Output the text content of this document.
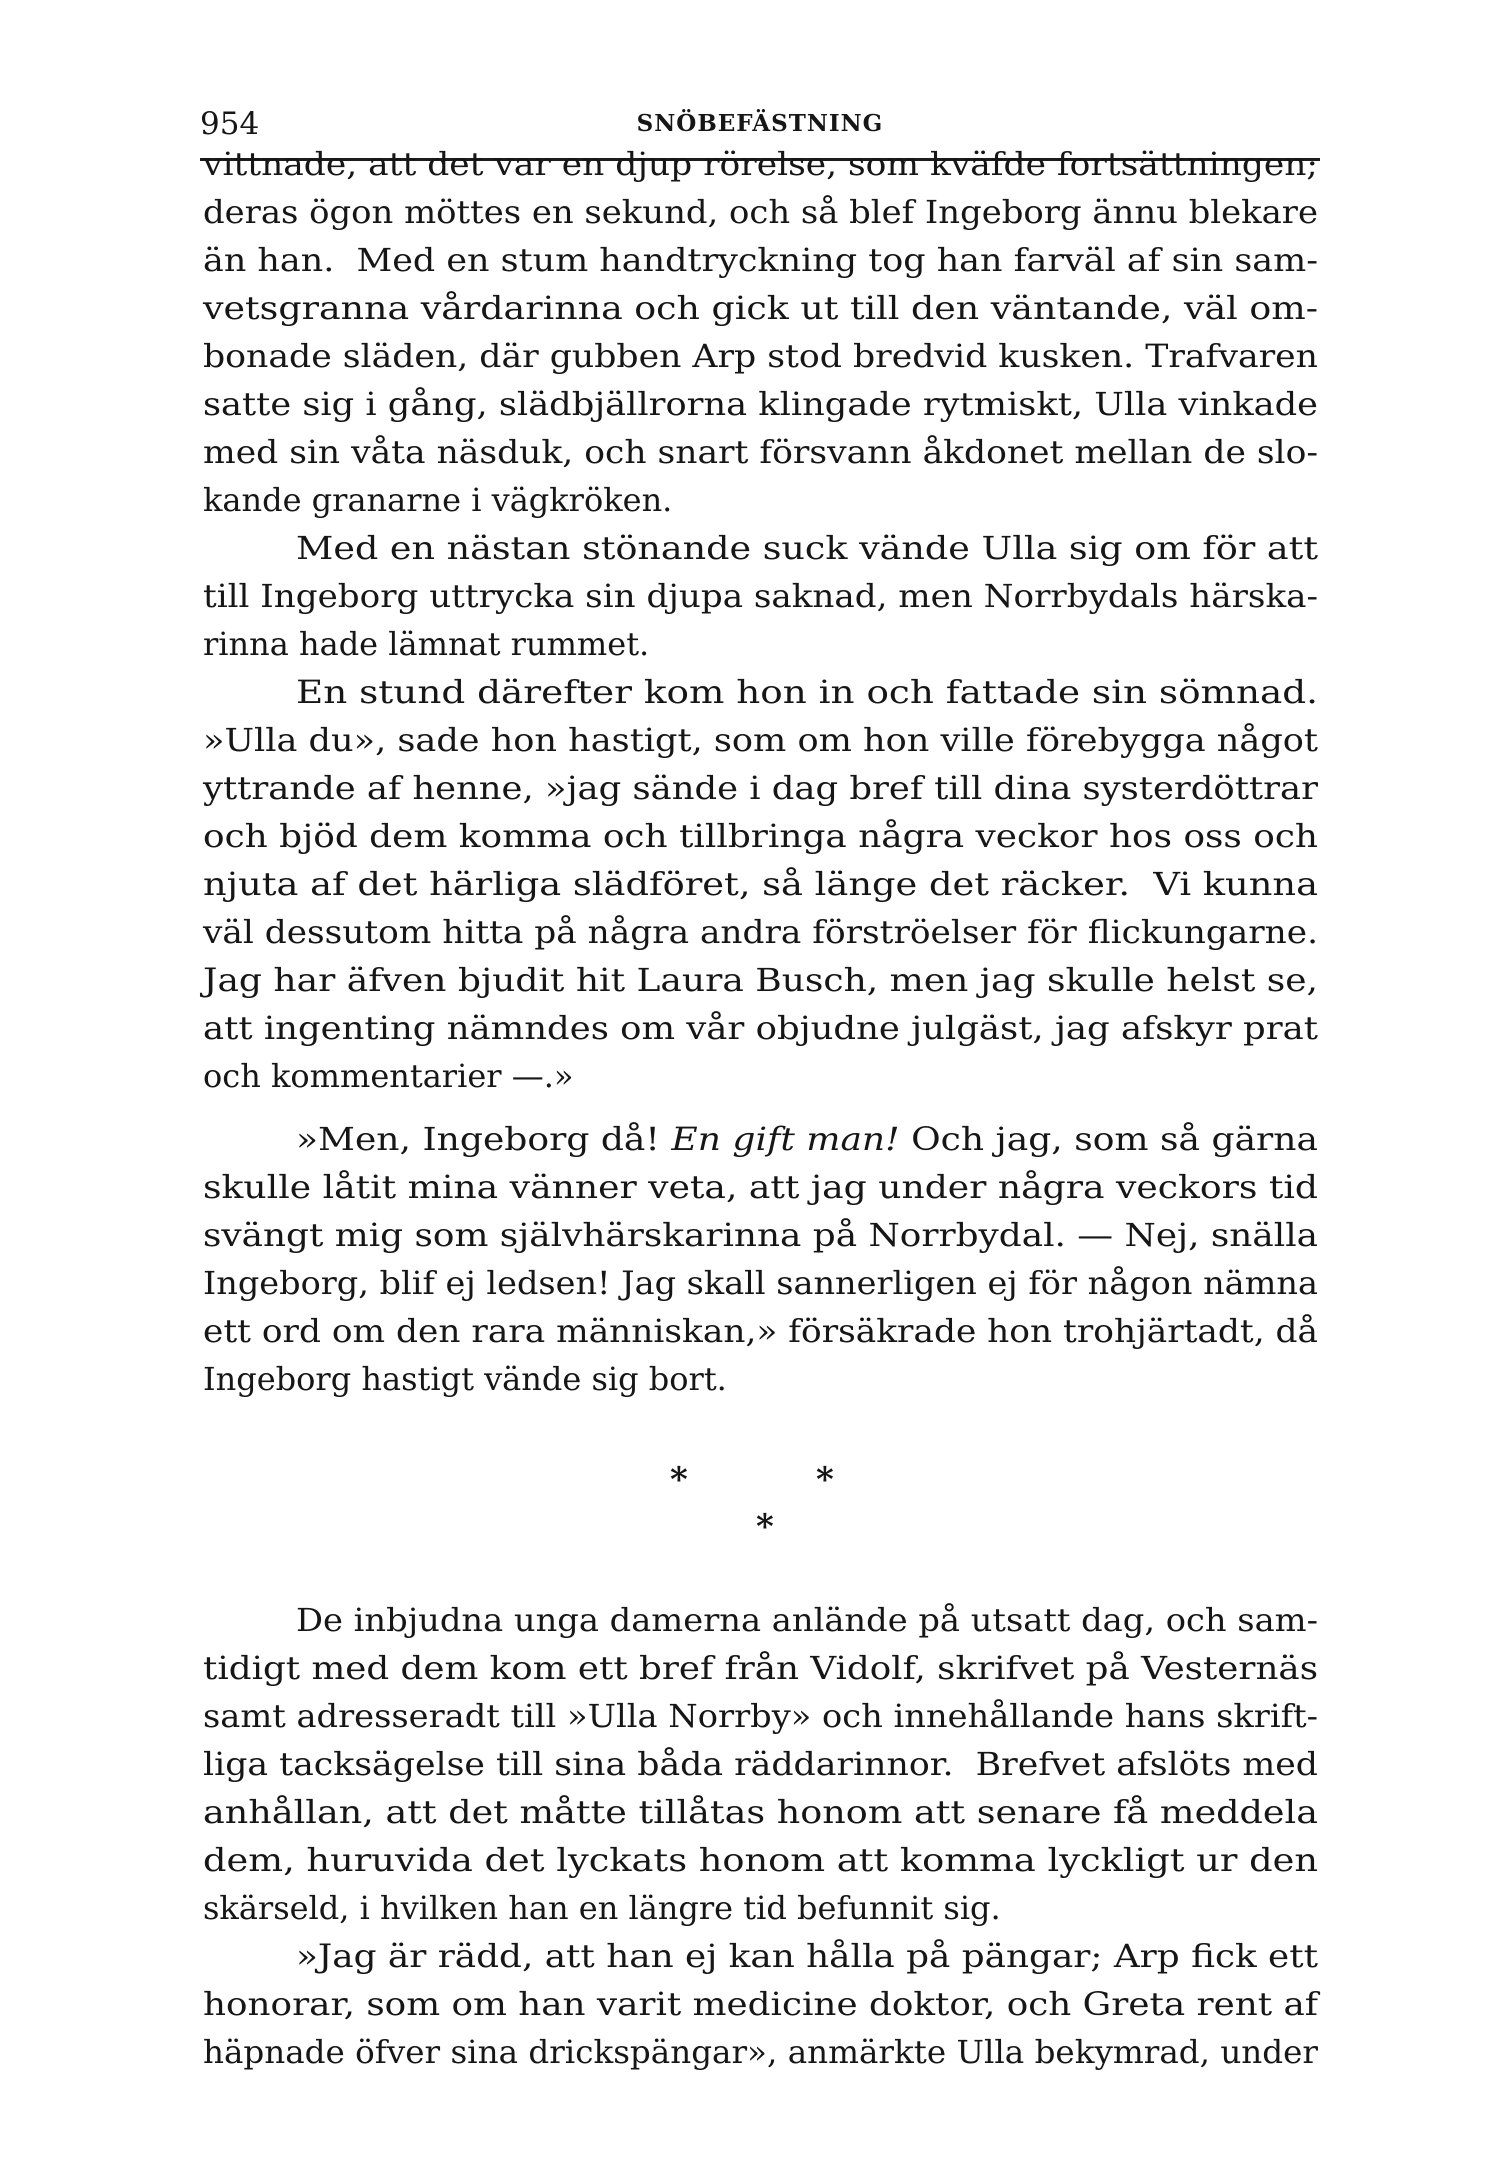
954	SNÖBEFÄSTNING
vittnade, att det var en djup rörelse, som kväfde fortsättningen;
deras ögon möttes en sekund, och så blef Ingeborg ännu blekare
än han.  Med en stum handtryckning tog han farväl af sin sam-
vetsgranna vårdarinna och gick ut till den väntande, väl om-
bonade släden, där gubben Arp stod bredvid kusken. Trafvaren
satte sig i gång, slädbjällrorna klingade rytmiskt, Ulla vinkade
med sin våta näsduk, och snart försvann åkdonet mellan de slo-
kande granarne i vägkröken.
Med en nästan stönande suck vände Ulla sig om för att
till Ingeborg uttrycka sin djupa saknad, men Norrbydals härska-
rinna hade lämnat rummet.
En stund därefter kom hon in och fattade sin sömnad.
»Ulla du», sade hon hastigt, som om hon ville förebygga något
yttrande af henne, »jag sände i dag bref till dina systerdöttrar
och bjöd dem komma och tillbringa några veckor hos oss och
njuta af det härliga slädföret, så länge det räcker.  Vi kunna
väl dessutom hitta på några andra förströelser för flickungarne.
Jag har äfven bjudit hit Laura Busch, men jag skulle helst se,
att ingenting nämndes om vår objudne julgäst, jag afskyr prat
och kommentarier —.»
»Men, Ingeborg då! En gift man! Och jag, som så gärna
skulle låtit mina vänner veta, att jag under några veckors tid
svängt mig som självhärskarinna på Norrbydal. — Nej, snälla
Ingeborg, blif ej ledsen! Jag skall sannerligen ej för någon nämna
ett ord om den rara människan,» försäkrade hon trohjärtadt, då
Ingeborg hastigt vände sig bort.
*	*
*
De inbjudna unga damerna anlände på utsatt dag, och sam-
tidigt med dem kom ett bref från Vidolf, skrifvet på Vesternäs
samt adresseradt till »Ulla Norrby» och innehållande hans skrift-
liga tacksägelse till sina båda räddarinnor.  Brefvet afslöts med
anhållan, att det måtte tillåtas honom att senare få meddela
dem, huruvida det lyckats honom att komma lyckligt ur den
skärseld, i hvilken han en längre tid befunnit sig.
»Jag är rädd, att han ej kan hålla på pängar; Arp fick ett
honorar, som om han varit medicine doktor, och Greta rent af
häpnade öfver sina drickspängar», anmärkte Ulla bekymrad, under
